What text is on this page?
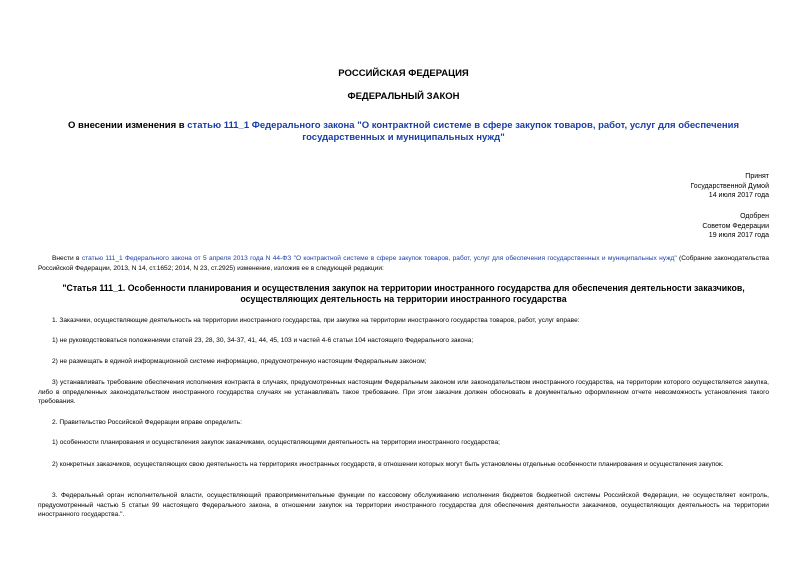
РОССИЙСКАЯ ФЕДЕРАЦИЯ
ФЕДЕРАЛЬНЫЙ ЗАКОН
О внесении изменения в статью 111_1 Федерального закона "О контрактной системе в сфере закупок товаров, работ, услуг для обеспечения государственных и муниципальных нужд"
Принят
Государственной Думой
14 июля 2017 года
Одобрен
Советом Федерации
19 июля 2017 года
Внести в статью 111_1 Федерального закона от 5 апреля 2013 года N 44-ФЗ "О контрактной системе в сфере закупок товаров, работ, услуг для обеспечения государственных и муниципальных нужд" (Собрание законодательства Российской Федерации, 2013, N 14, ст.1652; 2014, N 23, ст.2925) изменение, изложив ее в следующей редакции:
"Статья 111_1. Особенности планирования и осуществления закупок на территории иностранного государства для обеспечения деятельности заказчиков, осуществляющих деятельность на территории иностранного государства
1. Заказчики, осуществляющие деятельность на территории иностранного государства, при закупке на территории иностранного государства товаров, работ, услуг вправе:
1) не руководствоваться положениями статей 23, 28, 30, 34-37, 41, 44, 45, 103 и частей 4-6 статьи 104 настоящего Федерального закона;
2) не размещать в единой информационной системе информацию, предусмотренную настоящим Федеральным законом;
3) устанавливать требование обеспечения исполнения контракта в случаях, предусмотренных настоящим Федеральным законом или законодательством иностранного государства, на территории которого осуществляется закупка, либо в определенных законодательством иностранного государства случаях не устанавливать такое требование. При этом заказчик должен обосновать в документально оформленном отчете невозможность установления такого требования.
2. Правительство Российской Федерации вправе определить:
1) особенности планирования и осуществления закупок заказчиками, осуществляющими деятельность на территории иностранного государства;
2) конкретных заказчиков, осуществляющих свою деятельность на территориях иностранных государств, в отношении которых могут быть установлены отдельные особенности планирования и осуществления закупок.
3. Федеральный орган исполнительной власти, осуществляющий правоприменительные функции по кассовому обслуживанию исполнения бюджетов бюджетной системы Российской Федерации, не осуществляет контроль, предусмотренный частью 5 статьи 99 настоящего Федерального закона, в отношении закупок на территории иностранного государства для обеспечения деятельности заказчиков, осуществляющих деятельность на территории иностранного государства.".
